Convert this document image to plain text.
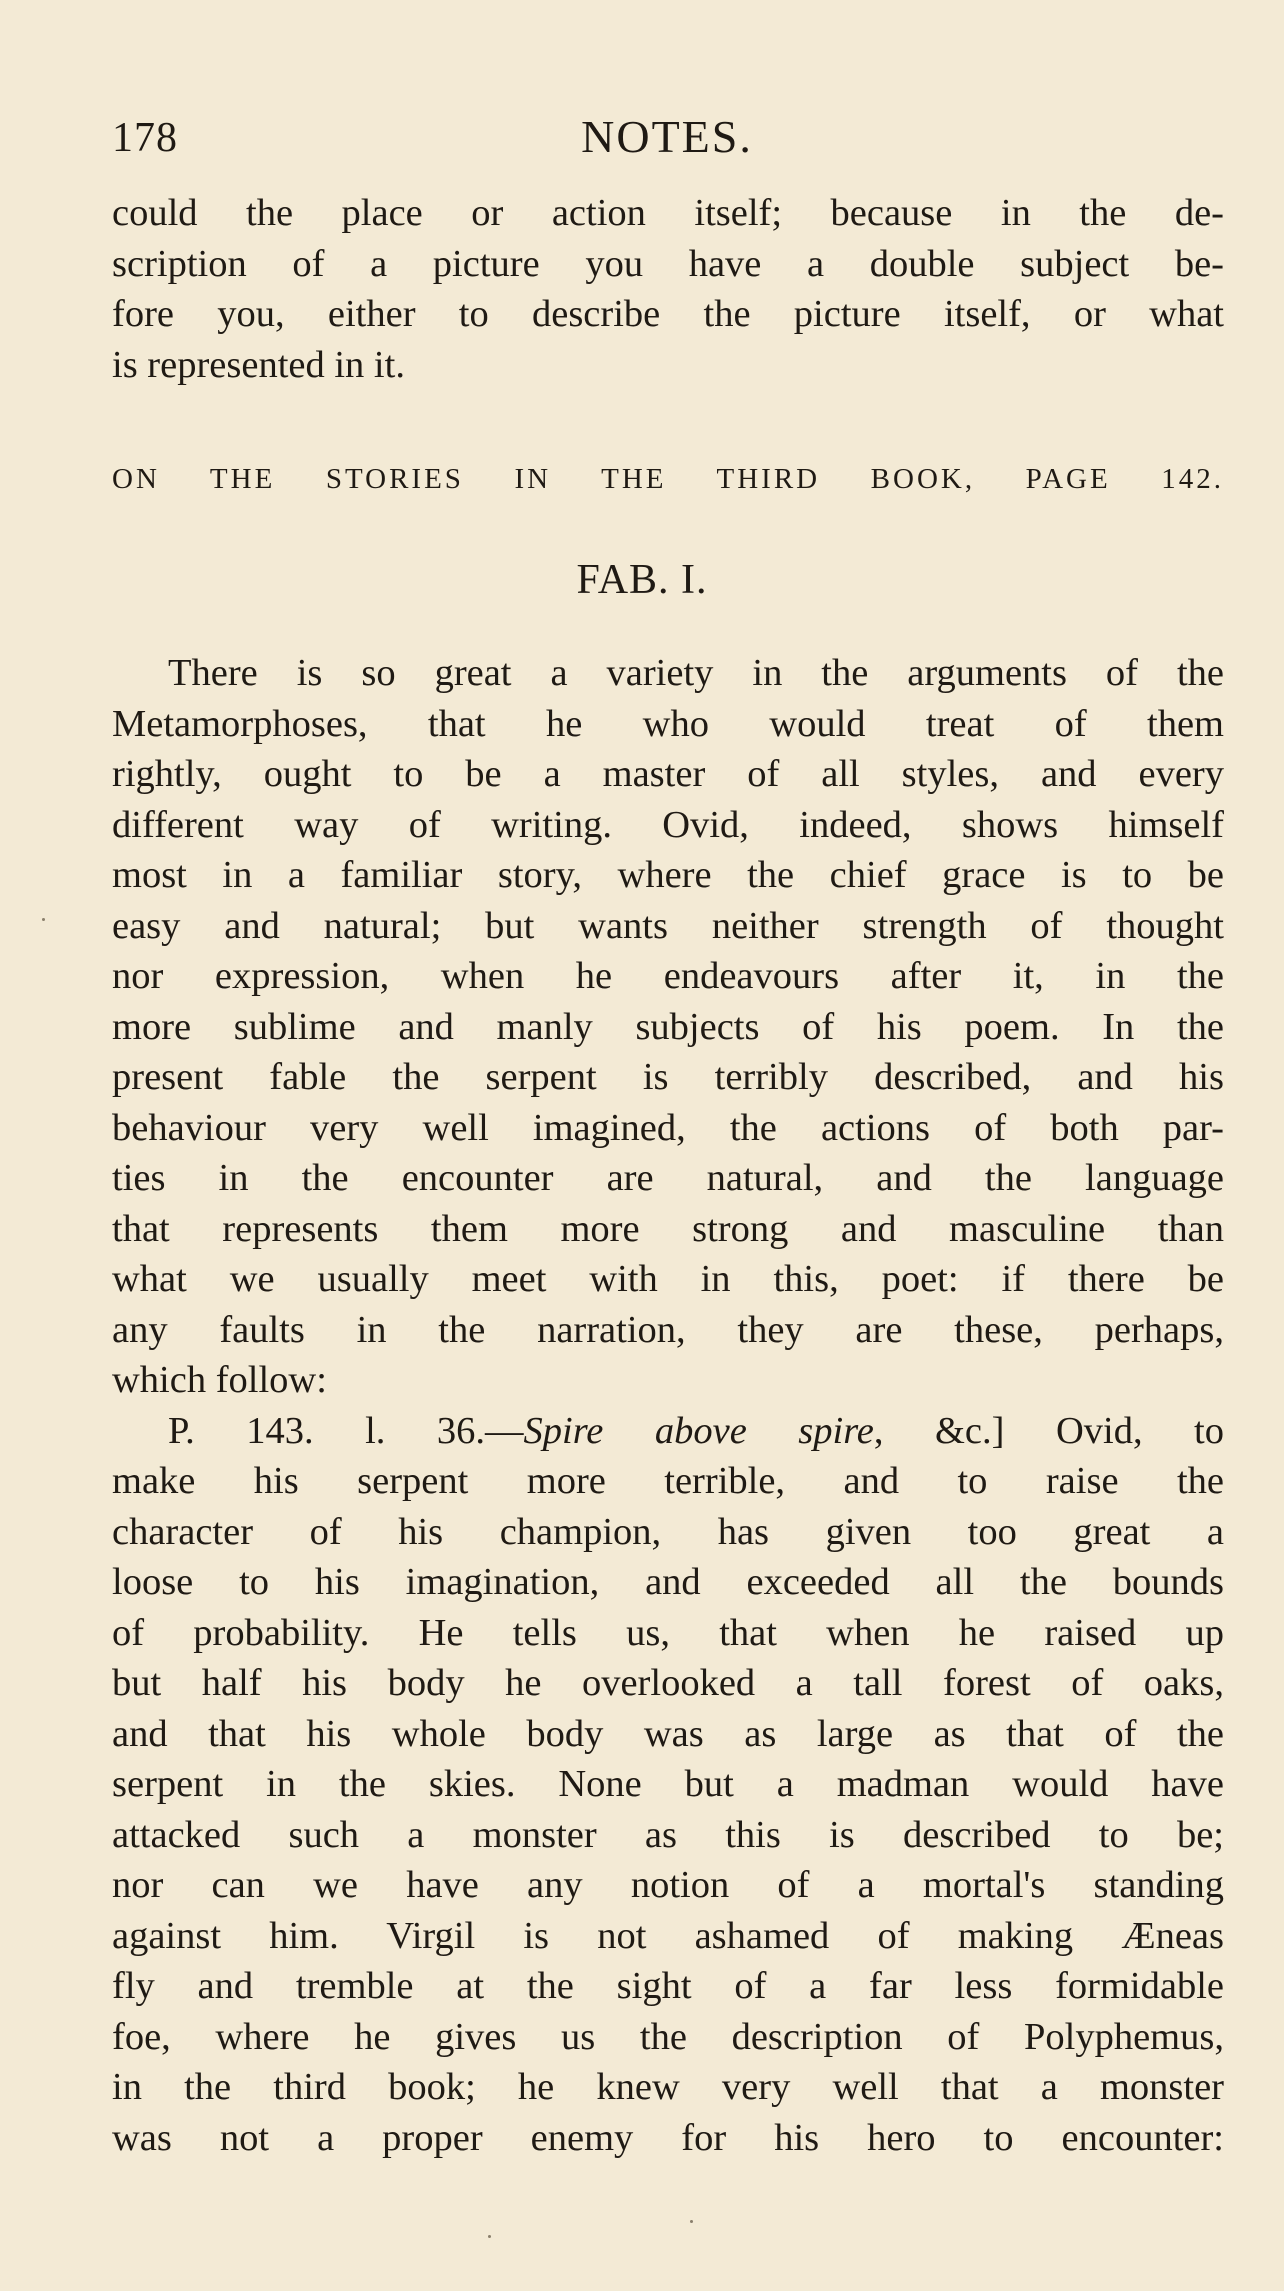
178	NOTES.
could the place or action itself; because in the de-
scription of a picture you have a double subject be-
fore you, either to describe the picture itself, or what
is represented in it.
ON THE STORIES IN THE THIRD BOOK, PAGE 142.
FAB. I.
There is so great a variety in the arguments of the
Metamorphoses, that he who would treat of them
rightly, ought to be a master of all styles, and every
different way of writing. Ovid, indeed, shows himself
most in a familiar story, where the chief grace is to be
easy and natural; but wants neither strength of thought
nor expression, when he endeavours after it, in the
more sublime and manly subjects of his poem. In the
present fable the serpent is terribly described, and his
behaviour very well imagined, the actions of both par-
ties in the encounter are natural, and the language
that represents them more strong and masculine than
what we usually meet with in this, poet: if there be
any faults in the narration, they are these, perhaps,
which follow:
P. 143. l. 36.—Spire above spire, &c.] Ovid, to
make his serpent more terrible, and to raise the
character of his champion, has given too great a
loose to his imagination, and exceeded all the bounds
of probability. He tells us, that when he raised up
but half his body he overlooked a tall forest of oaks,
and that his whole body was as large as that of the
serpent in the skies. None but a madman would have
attacked such a monster as this is described to be;
nor can we have any notion of a mortal's standing
against him. Virgil is not ashamed of making Æneas
fly and tremble at the sight of a far less formidable
foe, where he gives us the description of Polyphemus,
in the third book; he knew very well that a monster
was not a proper enemy for his hero to encounter:
